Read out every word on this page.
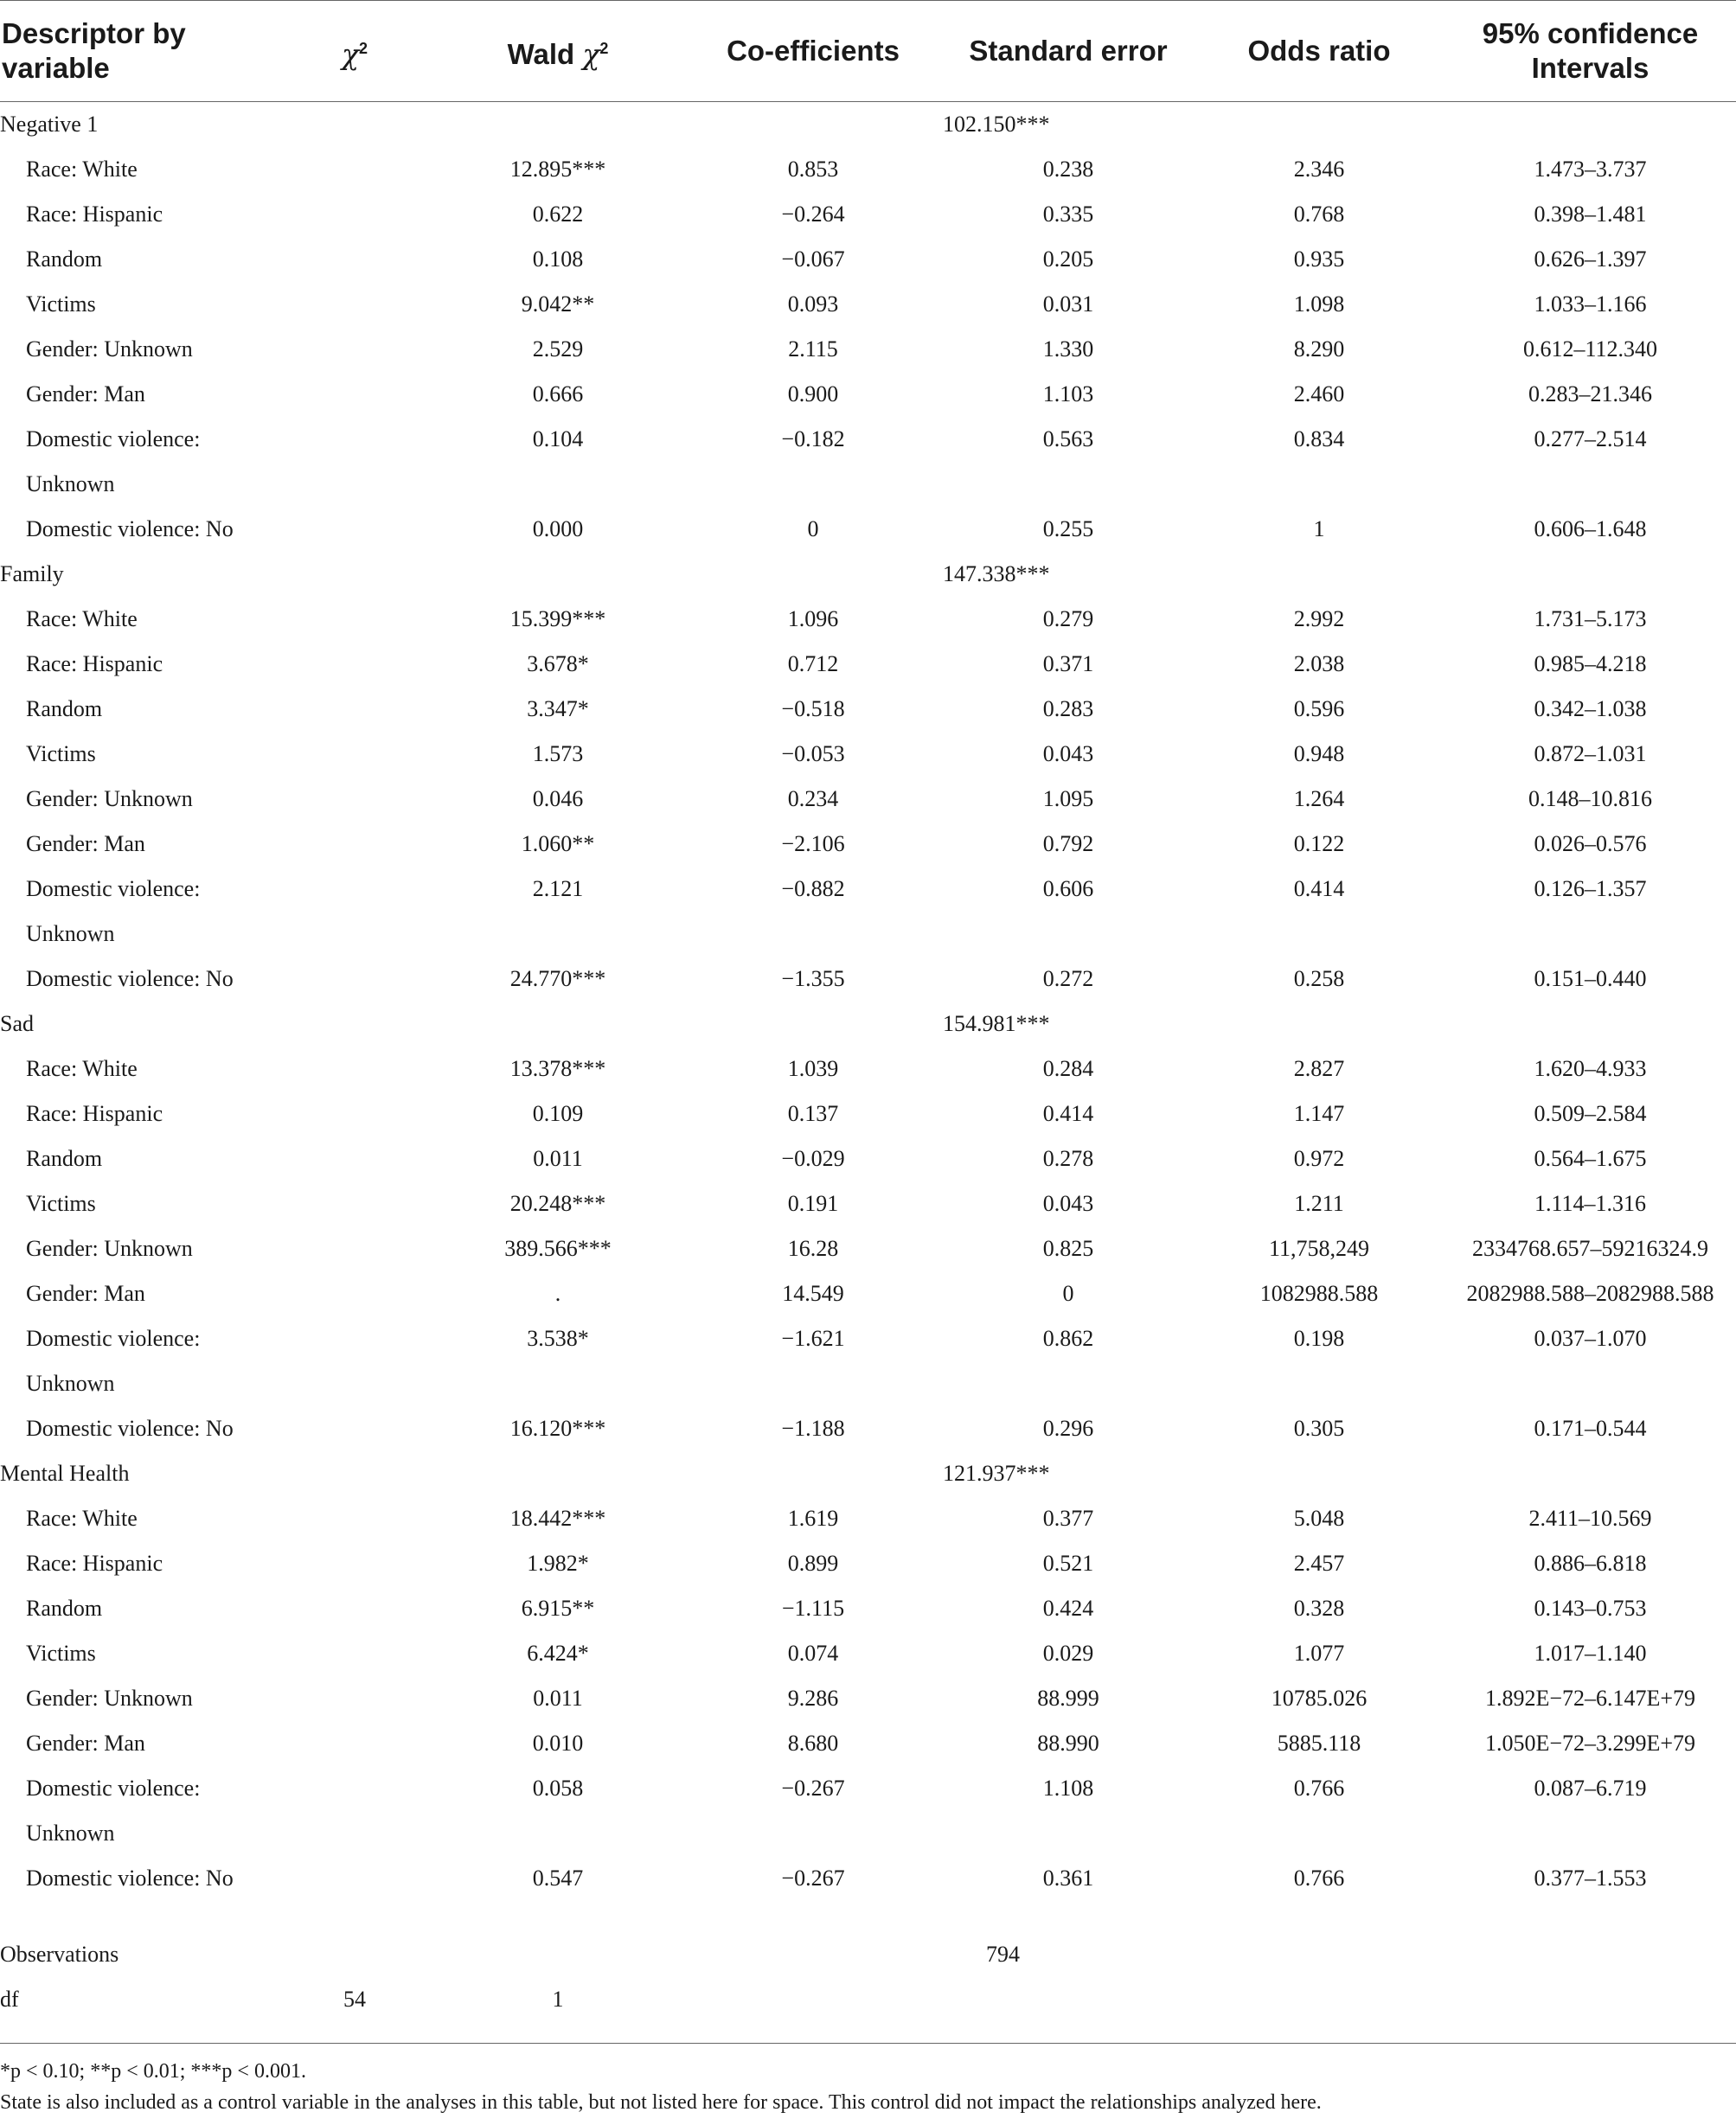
Descriptor by variable	$\chi^2$	Wald $\chi^2$	Co-efficients	Standard error	Odds ratio	95% confidence Intervals
Negative 1				102.150***		
Race: White		12.895***	0.853	0.238	2.346	1.473–3.737
Race: Hispanic		0.622	−0.264	0.335	0.768	0.398–1.481
Random		0.108	−0.067	0.205	0.935	0.626–1.397
Victims		9.042**	0.093	0.031	1.098	1.033–1.166
Gender: Unknown		2.529	2.115	1.330	8.290	0.612–112.340
Gender: Man		0.666	0.900	1.103	2.460	0.283–21.346
Domestic violence:		0.104	−0.182	0.563	0.834	0.277–2.514
Unknown						
Domestic violence: No		0.000	0	0.255	1	0.606–1.648
Family				147.338***		
Race: White		15.399***	1.096	0.279	2.992	1.731–5.173
Race: Hispanic		3.678*	0.712	0.371	2.038	0.985–4.218
Random		3.347*	−0.518	0.283	0.596	0.342–1.038
Victims		1.573	−0.053	0.043	0.948	0.872–1.031
Gender: Unknown		0.046	0.234	1.095	1.264	0.148–10.816
Gender: Man		1.060**	−2.106	0.792	0.122	0.026–0.576
Domestic violence:		2.121	−0.882	0.606	0.414	0.126–1.357
Unknown						
Domestic violence: No		24.770***	−1.355	0.272	0.258	0.151–0.440
Sad				154.981***		
Race: White		13.378***	1.039	0.284	2.827	1.620–4.933
Race: Hispanic		0.109	0.137	0.414	1.147	0.509–2.584
Random		0.011	−0.029	0.278	0.972	0.564–1.675
Victims		20.248***	0.191	0.043	1.211	1.114–1.316
Gender: Unknown		389.566***	16.28	0.825	11,758,249	2334768.657–59216324.9
Gender: Man		.	14.549	0	1082988.588	2082988.588–2082988.588
Domestic violence:		3.538*	−1.621	0.862	0.198	0.037–1.070
Unknown						
Domestic violence: No		16.120***	−1.188	0.296	0.305	0.171–0.544
Mental Health				121.937***		
Race: White		18.442***	1.619	0.377	5.048	2.411–10.569
Race: Hispanic		1.982*	0.899	0.521	2.457	0.886–6.818
Random		6.915**	−1.115	0.424	0.328	0.143–0.753
Victims		6.424*	0.074	0.029	1.077	1.017–1.140
Gender: Unknown		0.011	9.286	88.999	10785.026	1.892E−72–6.147E+79
Gender: Man		0.010	8.680	88.990	5885.118	1.050E−72–3.299E+79
Domestic violence:		0.058	−0.267	1.108	0.766	0.087–6.719
Unknown						
Domestic violence: No		0.547	−0.267	0.361	0.766	0.377–1.553

Observations				794		
df	54	1				

*p < 0.10; **p < 0.01; ***p < 0.001.

State is also included as a control variable in the analyses in this table, but not listed here for space. This control did not impact the relationships analyzed here.
